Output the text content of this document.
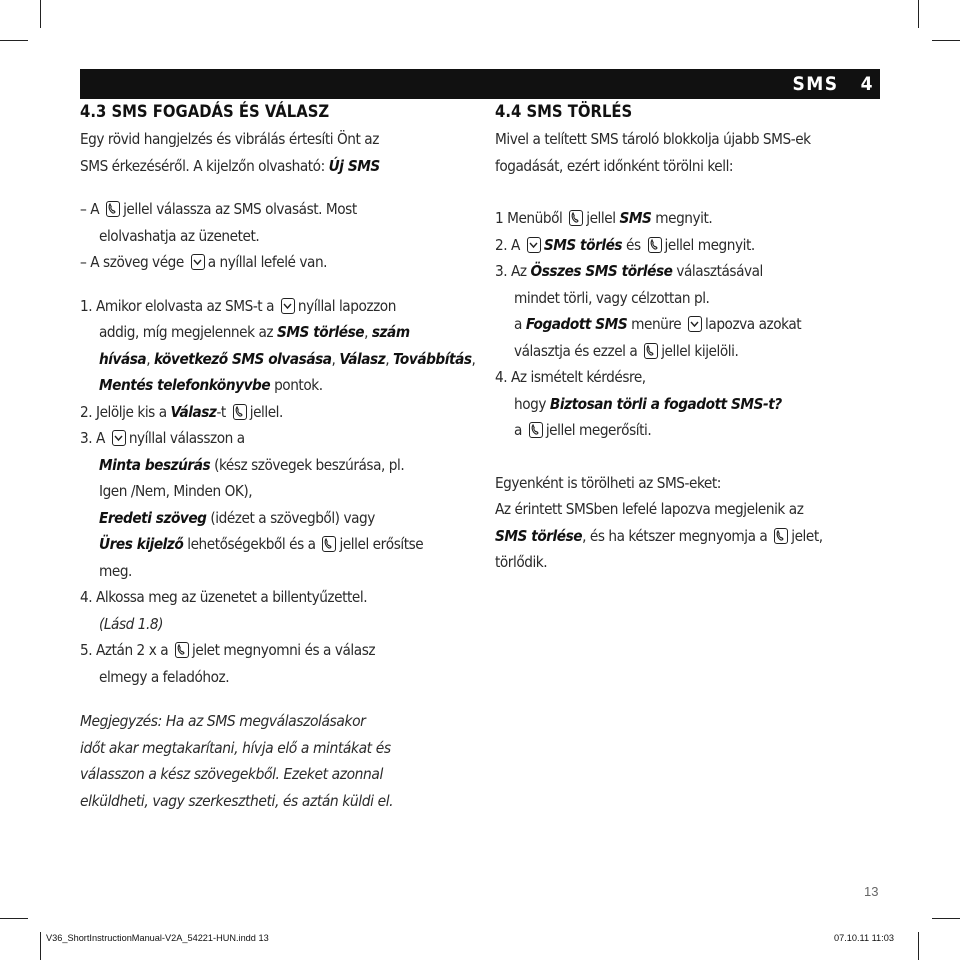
SMS 4
4.3 SMS FOGADÁS ÉS VÁLASZ
Egy rövid hangjelzés és vibrálás értesíti Önt az
SMS érkezéséről. A kijelzőn olvasható: Új SMS
– A
jellel válassza az SMS olvasást. Most
elolvashatja az üzenetet.
– A szöveg vége
a nyíllal lefelé van.
1. Amikor elolvasta az SMS-t a
nyíllal lapozzon
addig, míg megjelennek az SMS törlése, szám
hívása, következő SMS olvasása, Válasz, Továbbítás,
Mentés telefonkönyvbe pontok.
2. Jelölje kis a Válasz-t
jellel.
3. A
nyíllal válasszon a
Minta beszúrás (kész szövegek beszúrása, pl.
Igen /Nem, Minden OK),
Eredeti szöveg (idézet a szövegből) vagy
Üres kijelző lehetőségekből és a
jellel erősítse
meg.
4. Alkossa meg az üzenetet a billentyűzettel.
(Lásd 1.8)
5. Aztán 2 x a
jelet megnyomni és a válasz
elmegy a feladóhoz.
Megjegyzés: Ha az SMS megválaszolásakor
időt akar megtakarítani, hívja elő a mintákat és
válasszon a kész szövegekből. Ezeket azonnal
elküldheti, vagy szerkesztheti, és aztán küldi el.
4.4 SMS TÖRLÉS
Mivel a telített SMS tároló blokkolja újabb SMS-ek
fogadását, ezért időnként törölni kell:
1 Menüből
jellel SMS megnyit.
2. A
SMS törlés és
jellel megnyit.
3. Az Összes SMS törlése választásával
mindet törli, vagy célzottan pl.
a Fogadott SMS menüre
lapozva azokat
választja és ezzel a
jellel kijelöli.
4. Az ismételt kérdésre,
hogy Biztosan törli a fogadott SMS-t?
a
jellel megerősíti.
Egyenként is törölheti az SMS-eket:
Az érintett SMSben lefelé lapozva megjelenik az
SMS törlése, és ha kétszer megnyomja a
jelet,
törlődik.
13
V36_ShortInstructionManual-V2A_54221-HUN.indd 13	07.10.11 11:03
